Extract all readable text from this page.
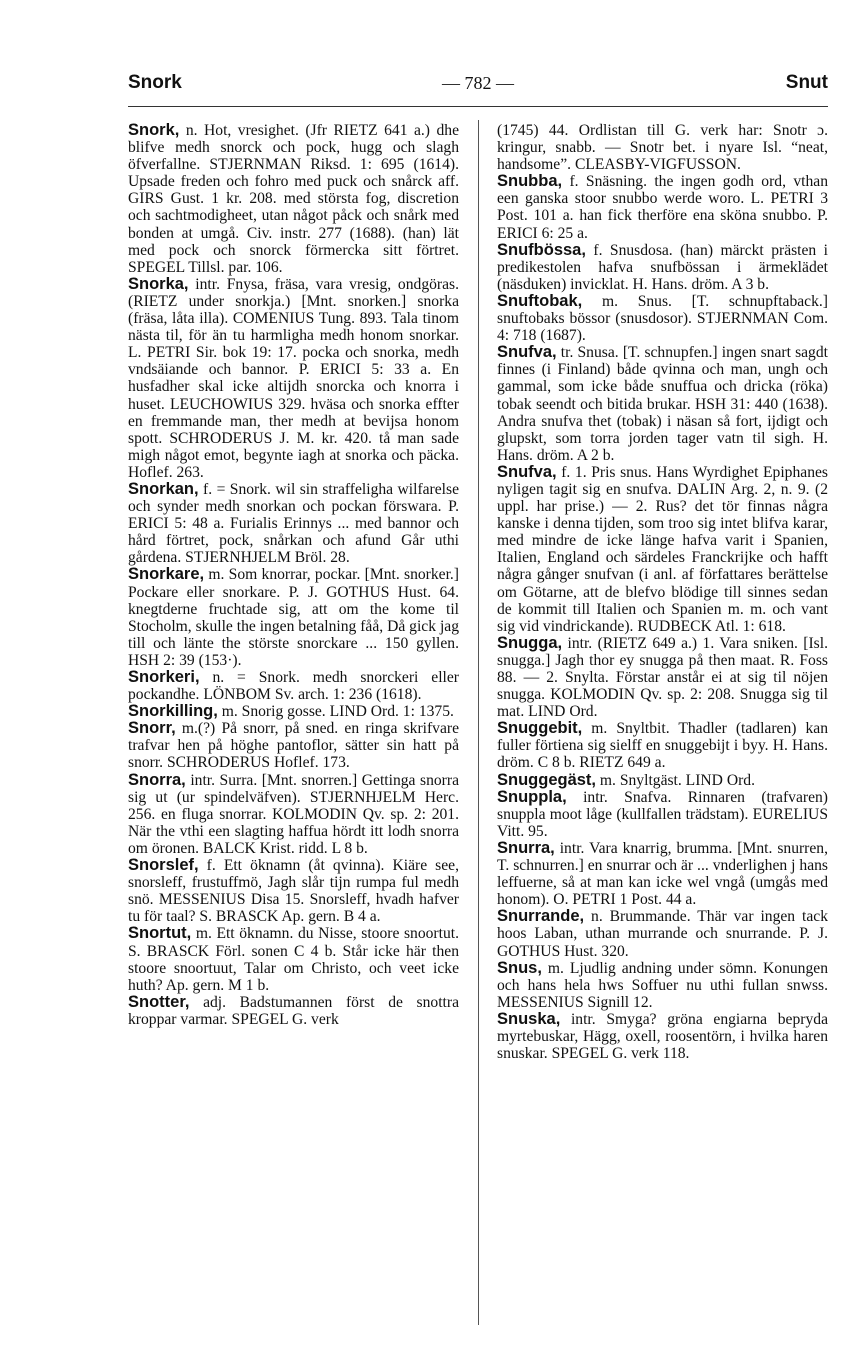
Snork	— 782 —	Snut

Snork, n. Hot, vresighet. (Jfr RIETZ 641 a.) dhe blifve medh snorck och pock, hugg och slagh öfverfallne. STJERNMAN Riksd. 1: 695 (1614). Upsade freden och fohro med puck och snårck aff. GIRS Gust. 1 kr. 208. med största fog, discretion och sachtmodigheet, utan något påck och snårk med bonden at umgå. Civ. instr. 277 (1688). (han) lät med pock och snorck förmercka sitt förtret. SPEGEL Tillsl. par. 106.

Snorka, intr. Fnysa, fräsa, vara vresig, ondgöras. (RIETZ under snorkja.) [Mnt. snorken.] snorka (fräsa, låta illa). COMENIUS Tung. 893. Tala tinom nästa til, för än tu harmligha medh honom snorkar. L. PETRI Sir. bok 19: 17. pocka och snorka, medh vndsäiande och bannor. P. ERICI 5: 33 a. En husfadher skal icke altijdh snorcka och knorra i huset. LEUCHOWIUS 329. hväsa och snorka effter en fremmande man, ther medh at bevijsa honom spott. SCHRODERUS J. M. kr. 420. tå man sade migh något emot, begynte iagh at snorka och päcka. Hoflef. 263.

Snorkan, f. = Snork. wil sin straffeligha wilfarelse och synder medh snorkan och pockan förswara. P. ERICI 5: 48 a. Furialis Erinnys ... med bannor och hård förtret, pock, snårkan och afund Går uthi gårdena. STJERNHJELM Bröl. 28.

Snorkare, m. Som knorrar, pockar. [Mnt. snorker.] Pockare eller snorkare. P. J. GOTHUS Hust. 64. knegtderne fruchtade sig, att om the kome til Stocholm, skulle the ingen betalning fåå, Då gick jag till och länte the störste snorckare ... 150 gyllen. HSH 2: 39 (153·).

Snorkeri, n. = Snork. medh snorckeri eller pockandhe. LÖNBOM Sv. arch. 1: 236 (1618).

Snorkilling, m. Snorig gosse. LIND Ord. 1: 1375.

Snorr, m.(?) På snorr, på sned. en ringa skrifvare trafvar hen på höghe pantoflor, sätter sin hatt på snorr. SCHRODERUS Hoflef. 173.

Snorra, intr. Surra. [Mnt. snorren.] Gettinga snorra sig ut (ur spindelväfven). STJERNHJELM Herc. 256. en fluga snorrar. KOLMODIN Qv. sp. 2: 201. När the vthi een slagting haffua hördt itt lodh snorra om öronen. BALCK Krist. ridd. L 8 b.

Snorslef, f. Ett öknamn (åt qvinna). Kiäre see, snorsleff, frustuffmö, Jagh slår tijn rumpa ful medh snö. MESSENIUS Disa 15. Snorsleff, hvadh hafver tu för taal? S. BRASCK Ap. gern. B 4 a.

Snortut, m. Ett öknamn. du Nisse, stoore snoortut. S. BRASCK Förl. sonen C 4 b. Står icke här then stoore snoortuut, Talar om Christo, och veet icke huth? Ap. gern. M 1 b.

Snotter, adj. Badstumannen först de snottra kroppar varmar. SPEGEL G. verk

(1745) 44. Ordlistan till G. verk har: Snotr ɔ. kringur, snabb. — Snotr bet. i nyare Isl. “neat, handsome”. CLEASBY-VIGFUSSON.

Snubba, f. Snäsning. the ingen godh ord, vthan een ganska stoor snubbo werde woro. L. PETRI 3 Post. 101 a. han fick therföre ena sköna snubbo. P. ERICI 6: 25 a.

Snufbössa, f. Snusdosa. (han) märckt prästen i predikestolen hafva snufbössan i ärmeklädet (näsduken) invicklat. H. Hans. dröm. A 3 b.

Snuftobak, m. Snus. [T. schnupftaback.] snuftobaks bössor (snusdosor). STJERNMAN Com. 4: 718 (1687).

Snufva, tr. Snusa. [T. schnupfen.] ingen snart sagdt finnes (i Finland) både qvinna och man, ungh och gammal, som icke både snuffua och dricka (röka) tobak seendt och bitida brukar. HSH 31: 440 (1638). Andra snufva thet (tobak) i näsan så fort, ijdigt och glupskt, som torra jorden tager vatn til sigh. H. Hans. dröm. A 2 b.

Snufva, f. 1. Pris snus. Hans Wyrdighet Epiphanes nyligen tagit sig en snufva. DALIN Arg. 2, n. 9. (2 uppl. har prise.) — 2. Rus? det tör finnas några kanske i denna tijden, som troo sig intet blifva karar, med mindre de icke länge hafva varit i Spanien, Italien, England och särdeles Franckrijke och hafft några gånger snufvan (i anl. af författares berättelse om Götarne, att de blefvo blödige till sinnes sedan de kommit till Italien och Spanien m. m. och vant sig vid vindrickande). RUDBECK Atl. 1: 618.

Snugga, intr. (RIETZ 649 a.) 1. Vara sniken. [Isl. snugga.] Jagh thor ey snugga på then maat. R. Foss 88. — 2. Snylta. Förstar anstår ei at sig til nöjen snugga. KOLMODIN Qv. sp. 2: 208. Snugga sig til mat. LIND Ord.

Snuggebit, m. Snyltbit. Thadler (tadlaren) kan fuller förtiena sig sielff en snuggebijt i byy. H. Hans. dröm. C 8 b. RIETZ 649 a.

Snuggegäst, m. Snyltgäst. LIND Ord.

Snuppla, intr. Snafva. Rinnaren (trafvaren) snuppla moot låge (kullfallen trädstam). EURELIUS Vitt. 95.

Snurra, intr. Vara knarrig, brumma. [Mnt. snurren, T. schnurren.] en snurrar och är ... vnderlighen j hans leffuerne, så at man kan icke wel vngå (umgås med honom). O. PETRI 1 Post. 44 a.

Snurrande, n. Brummande. Thär var ingen tack hoos Laban, uthan murrande och snurrande. P. J. GOTHUS Hust. 320.

Snus, m. Ljudlig andning under sömn. Konungen och hans hela hws Soffuer nu uthi fullan snwss. MESSENIUS Signill 12.

Snuska, intr. Smyga? gröna engiarna bepryda myrtebuskar, Hägg, oxell, roosentörn, i hvilka haren snuskar. SPEGEL G. verk 118.
